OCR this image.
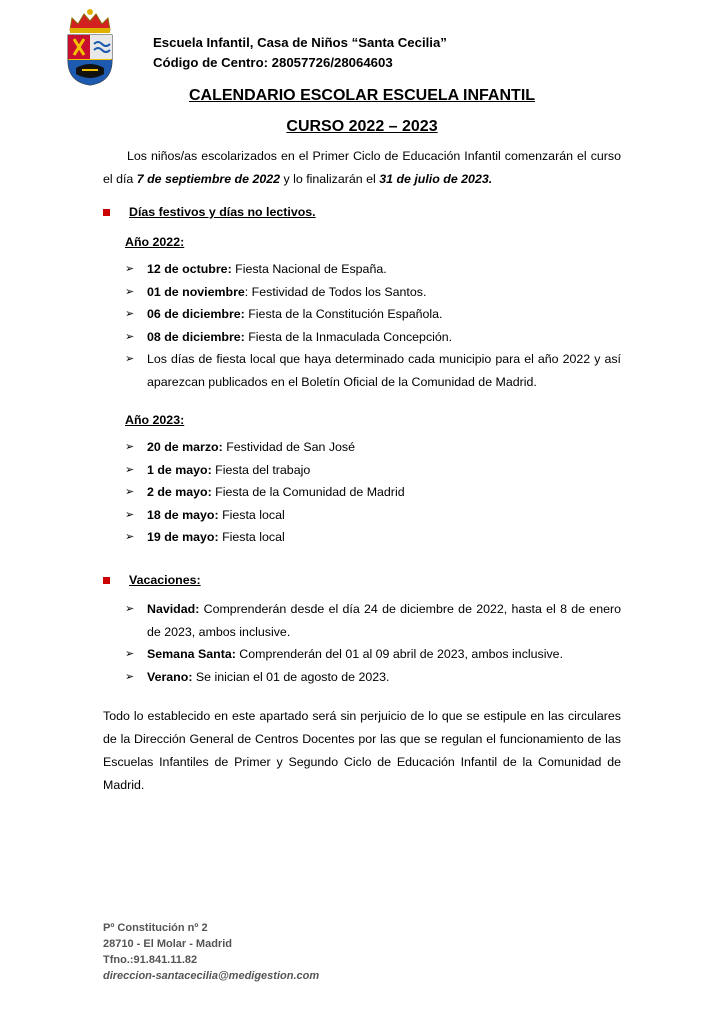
Escuela Infantil, Casa de Niños “Santa Cecilia”
Código de Centro: 28057726/28064603
CALENDARIO ESCOLAR ESCUELA INFANTIL
CURSO 2022 – 2023
Los niños/as escolarizados en el Primer Ciclo de Educación Infantil comenzarán el curso el día 7 de septiembre de 2022 y lo finalizarán el 31 de julio de 2023.
Días festivos y días no lectivos.
Año 2022:
➢ 12 de octubre: Fiesta Nacional de España.
➢ 01 de noviembre: Festividad de Todos los Santos.
➢ 06 de diciembre: Fiesta de la Constitución Española.
➢ 08 de diciembre: Fiesta de la Inmaculada Concepción.
➢ Los días de fiesta local que haya determinado cada municipio para el año 2022 y así aparezcan publicados en el Boletín Oficial de la Comunidad de Madrid.
Año 2023:
➢ 20 de marzo: Festividad de San José
➢ 1 de mayo: Fiesta del trabajo
➢ 2 de mayo: Fiesta de la Comunidad de Madrid
➢ 18 de mayo: Fiesta local
➢ 19 de mayo: Fiesta local
Vacaciones:
➢ Navidad: Comprenderán desde el día 24 de diciembre de 2022, hasta el 8 de enero de 2023, ambos inclusive.
➢ Semana Santa: Comprenderán del 01 al 09 abril de 2023, ambos inclusive.
➢ Verano: Se inician el 01 de agosto de 2023.
Todo lo establecido en este apartado será sin perjuicio de lo que se estipule en las circulares de la Dirección General de Centros Docentes por las que se regulan el funcionamiento de las Escuelas Infantiles de Primer y Segundo Ciclo de Educación Infantil de la Comunidad de Madrid.
Pº Constitución nº 2
28710 - El Molar - Madrid
Tfno.:91.841.11.82
direccion-santacecilia@medigestion.com
